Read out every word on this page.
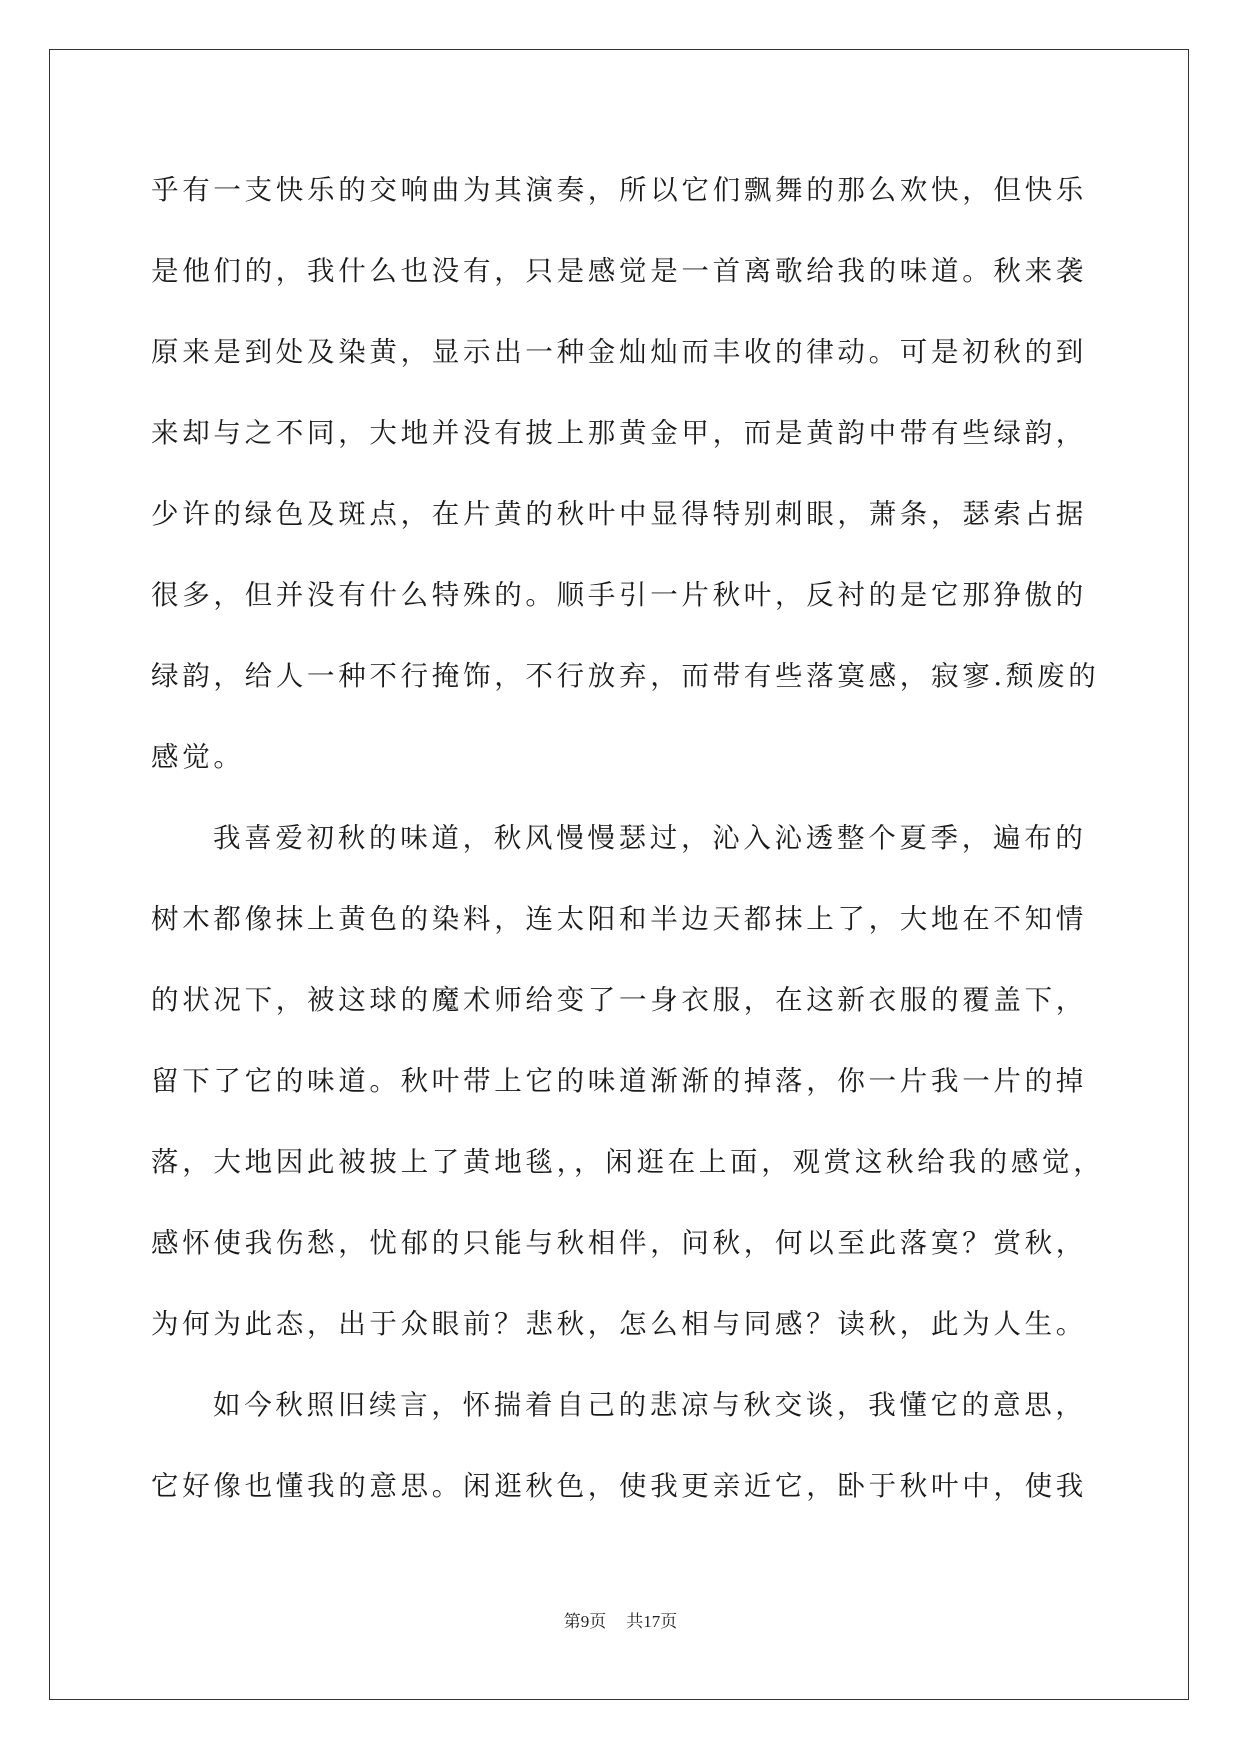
乎有一支快乐的交响曲为其演奏，所以它们飘舞的那么欢快，但快乐
是他们的，我什么也没有，只是感觉是一首离歌给我的味道。秋来袭
原来是到处及染黄，显示出一种金灿灿而丰收的律动。可是初秋的到
来却与之不同，大地并没有披上那黄金甲，而是黄韵中带有些绿韵，
少许的绿色及斑点，在片黄的秋叶中显得特别刺眼，萧条，瑟索占据
很多，但并没有什么特殊的。顺手引一片秋叶，反衬的是它那狰傲的
绿韵，给人一种不行掩饰，不行放弃，而带有些落寞感，寂寥.颓废的
感觉。
我喜爱初秋的味道，秋风慢慢瑟过，沁入沁透整个夏季，遍布的
树木都像抹上黄色的染料，连太阳和半边天都抹上了，大地在不知情
的状况下，被这球的魔术师给变了一身衣服，在这新衣服的覆盖下，
留下了它的味道。秋叶带上它的味道渐渐的掉落，你一片我一片的掉
落，大地因此被披上了黄地毯，，闲逛在上面，观赏这秋给我的感觉，
感怀使我伤愁，忧郁的只能与秋相伴，问秋，何以至此落寞？赏秋，
为何为此态，出于众眼前？悲秋，怎么相与同感？读秋，此为人生。
如今秋照旧续言，怀揣着自己的悲凉与秋交谈，我懂它的意思，
它好像也懂我的意思。闲逛秋色，使我更亲近它，卧于秋叶中，使我
第9页 共17页
